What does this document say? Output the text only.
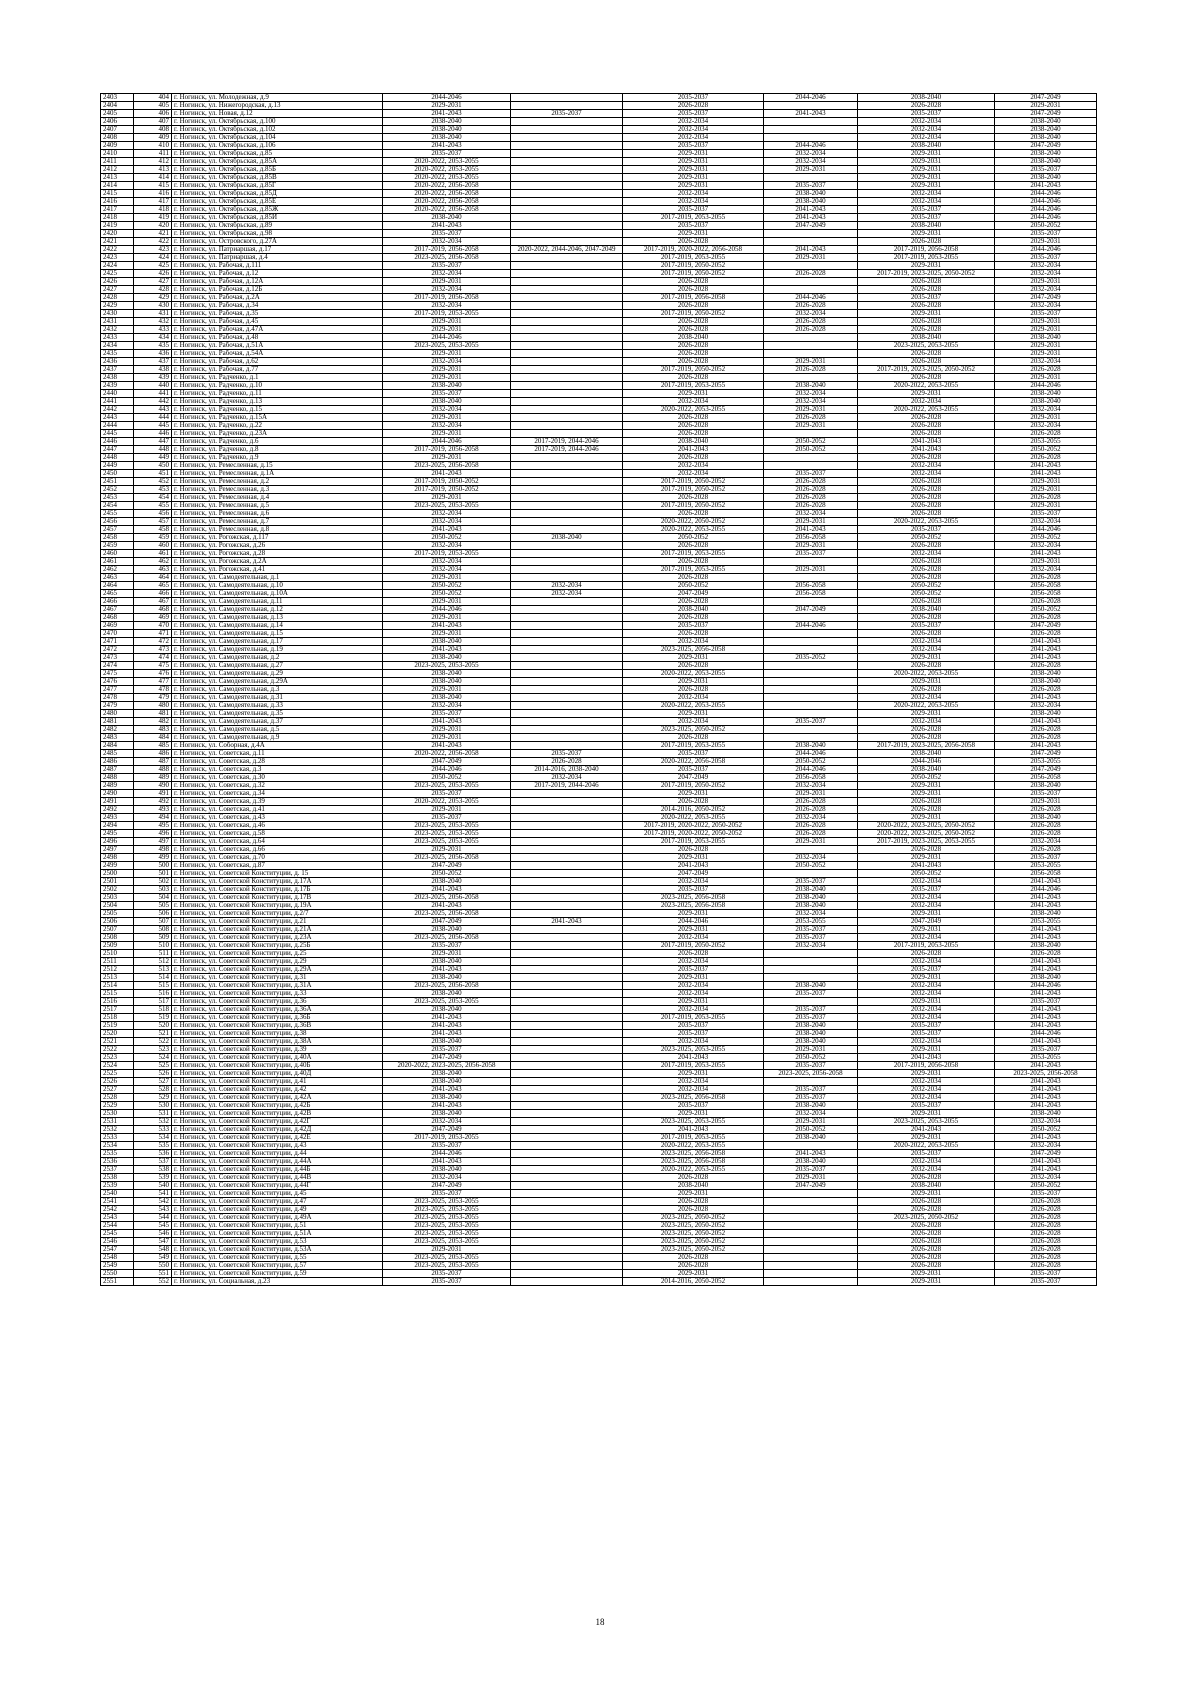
2403	404	г. Ногинск, ул. Молодежная, д.9	2044-2046		2035-2037	2044-2046	2038-2040	2047-2049
2404	405	г. Ногинск, ул. Нижегородская, д.13	2029-2031		2026-2028		2026-2028	2029-2031
2405	406	г. Ногинск, ул. Новая, д.12	2041-2043	2035-2037	2035-2037	2041-2043	2035-2037	2047-2049
2406	407	г. Ногинск, ул. Октябрьская, д.100	2038-2040		2032-2034		2032-2034	2038-2040
2407	408	г. Ногинск, ул. Октябрьская, д.102	2038-2040		2032-2034		2032-2034	2038-2040
2408	409	г. Ногинск, ул. Октябрьская, д.104	2038-2040		2032-2034		2032-2034	2038-2040
2409	410	г. Ногинск, ул. Октябрьская, д.106	2041-2043		2035-2037	2044-2046	2038-2040	2047-2049
2410	411	г. Ногинск, ул. Октябрьская, д.85	2035-2037		2029-2031	2032-2034	2029-2031	2038-2040
2411	412	г. Ногинск, ул. Октябрьская, д.85А	2020-2022, 2053-2055		2029-2031	2032-2034	2029-2031	2038-2040
2412	413	г. Ногинск, ул. Октябрьская, д.85Б	2020-2022, 2053-2055		2029-2031	2029-2031	2029-2031	2035-2037
2413	414	г. Ногинск, ул. Октябрьская, д.85В	2020-2022, 2053-2055		2029-2031		2029-2031	2038-2040
2414	415	г. Ногинск, ул. Октябрьская, д.85Г	2020-2022, 2056-2058		2029-2031	2035-2037	2029-2031	2041-2043
2415	416	г. Ногинск, ул. Октябрьская, д.85Д	2020-2022, 2056-2058		2032-2034	2038-2040	2032-2034	2044-2046
2416	417	г. Ногинск, ул. Октябрьская, д.85Е	2020-2022, 2056-2058		2032-2034	2038-2040	2032-2034	2044-2046
2417	418	г. Ногинск, ул. Октябрьская, д.85Ж	2020-2022, 2056-2058		2035-2037	2041-2043	2035-2037	2044-2046
2418	419	г. Ногинск, ул. Октябрьская, д.85И	2038-2040		2017-2019, 2053-2055	2041-2043	2035-2037	2044-2046
2419	420	г. Ногинск, ул. Октябрьская, д.89	2041-2043		2035-2037	2047-2049	2038-2040	2050-2052
2420	421	г. Ногинск, ул. Октябрьская, д.98	2035-2037		2029-2031		2029-2031	2035-2037
2421	422	г. Ногинск, ул. Островского, д.27А	2032-2034		2026-2028		2026-2028	2029-2031
2422	423	г. Ногинск, ул. Патриаршая, д.17	2017-2019, 2056-2058	2020-2022, 2044-2046, 2047-2049	2017-2019, 2020-2022, 2056-2058	2041-2043	2017-2019, 2056-2058	2044-2046
2423	424	г. Ногинск, ул. Патриаршая, д.4	2023-2025, 2056-2058		2017-2019, 2053-2055	2029-2031	2017-2019, 2053-2055	2035-2037
2424	425	г. Ногинск, ул. Рабочая, д.111	2035-2037		2017-2019, 2050-2052		2029-2031	2032-2034
2425	426	г. Ногинск, ул. Рабочая, д.12	2032-2034		2017-2019, 2050-2052	2026-2028	2017-2019, 2023-2025, 2050-2052	2032-2034
2426	427	г. Ногинск, ул. Рабочая, д.12А	2029-2031		2026-2028		2026-2028	2029-2031
2427	428	г. Ногинск, ул. Рабочая, д.12Б	2032-2034		2026-2028		2026-2028	2032-2034
2428	429	г. Ногинск, ул. Рабочая, д.2А	2017-2019, 2056-2058		2017-2019, 2056-2058	2044-2046	2035-2037	2047-2049
2429	430	г. Ногинск, ул. Рабочая, д.34	2032-2034		2026-2028	2026-2028	2026-2028	2032-2034
2430	431	г. Ногинск, ул. Рабочая, д.35	2017-2019, 2053-2055		2017-2019, 2050-2052	2032-2034	2029-2031	2035-2037
2431	432	г. Ногинск, ул. Рабочая, д.45	2029-2031		2026-2028	2026-2028	2026-2028	2029-2031
2432	433	г. Ногинск, ул. Рабочая, д.47А	2029-2031		2026-2028	2026-2028	2026-2028	2029-2031
2433	434	г. Ногинск, ул. Рабочая, д.48	2044-2046		2038-2040		2038-2040	2038-2040
2434	435	г. Ногинск, ул. Рабочая, д.51А	2023-2025, 2053-2055		2026-2028		2023-2025, 2053-2055	2029-2031
2435	436	г. Ногинск, ул. Рабочая, д.54А	2029-2031		2026-2028		2026-2028	2029-2031
2436	437	г. Ногинск, ул. Рабочая, д.62	2032-2034		2026-2028	2029-2031	2026-2028	2032-2034
2437	438	г. Ногинск, ул. Рабочая, д.77	2029-2031		2017-2019, 2050-2052	2026-2028	2017-2019, 2023-2025, 2050-2052	2026-2028
2438	439	г. Ногинск, ул. Радченко, д.1	2029-2031		2026-2028		2026-2028	2029-2031
2439	440	г. Ногинск, ул. Радченко, д.10	2038-2040		2017-2019, 2053-2055	2038-2040	2020-2022, 2053-2055	2044-2046
2440	441	г. Ногинск, ул. Радченко, д.11	2035-2037		2029-2031	2032-2034	2029-2031	2038-2040
2441	442	г. Ногинск, ул. Радченко, д.13	2038-2040		2032-2034	2032-2034	2032-2034	2038-2040
2442	443	г. Ногинск, ул. Радченко, д.15	2032-2034		2020-2022, 2053-2055	2029-2031	2020-2022, 2053-2055	2032-2034
2443	444	г. Ногинск, ул. Радченко, д.15А	2029-2031		2026-2028	2026-2028	2026-2028	2029-2031
2444	445	г. Ногинск, ул. Радченко, д.22	2032-2034		2026-2028	2029-2031	2026-2028	2032-2034
2445	446	г. Ногинск, ул. Радченко, д.23А	2029-2031		2026-2028		2026-2028	2026-2028
2446	447	г. Ногинск, ул. Радченко, д.6	2044-2046	2017-2019, 2044-2046	2038-2040	2050-2052	2041-2043	2053-2055
2447	448	г. Ногинск, ул. Радченко, д.8	2017-2019, 2056-2058	2017-2019, 2044-2046	2041-2043	2050-2052	2041-2043	2050-2052
2448	449	г. Ногинск, ул. Радченко, д.9	2029-2031		2026-2028		2026-2028	2026-2028
2449	450	г. Ногинск, ул. Ремесленная, д.15	2023-2025, 2056-2058		2032-2034		2032-2034	2041-2043
2450	451	г. Ногинск, ул. Ремесленная, д.1А	2041-2043		2032-2034	2035-2037	2032-2034	2041-2043
2451	452	г. Ногинск, ул. Ремесленная, д.2	2017-2019, 2050-2052		2017-2019, 2050-2052	2026-2028	2026-2028	2029-2031
2452	453	г. Ногинск, ул. Ремесленная, д.3	2017-2019, 2050-2052		2017-2019, 2050-2052	2026-2028	2026-2028	2029-2031
2453	454	г. Ногинск, ул. Ремесленная, д.4	2029-2031		2026-2028	2026-2028	2026-2028	2026-2028
2454	455	г. Ногинск, ул. Ремесленная, д.5	2023-2025, 2053-2055		2017-2019, 2050-2052	2026-2028	2026-2028	2029-2031
2455	456	г. Ногинск, ул. Ремесленная, д.6	2032-2034		2026-2028	2032-2034	2026-2028	2035-2037
2456	457	г. Ногинск, ул. Ремесленная, д.7	2032-2034		2020-2022, 2050-2052	2029-2031	2020-2022, 2053-2055	2032-2034
2457	458	г. Ногинск, ул. Ремесленная, д.8	2041-2043		2020-2022, 2053-2055	2041-2043	2035-2037	2044-2046
2458	459	г. Ногинск, ул. Рогожская, д.117	2050-2052	2038-2040	2050-2052	2056-2058	2050-2052	2059-2052
2459	460	г. Ногинск, ул. Рогожская, д.26	2032-2034		2026-2028	2029-2031	2026-2028	2032-2034
2460	461	г. Ногинск, ул. Рогожская, д.28	2017-2019, 2053-2055		2017-2019, 2053-2055	2035-2037	2032-2034	2041-2043
2461	462	г. Ногинск, ул. Рогожская, д.2А	2032-2034		2026-2028		2026-2028	2029-2031
2462	463	г. Ногинск, ул. Рогожская, д.41	2032-2034		2017-2019, 2053-2055	2029-2031	2026-2028	2032-2034
2463	464	г. Ногинск, ул. Самодеятельная, д.1	2029-2031		2026-2028		2026-2028	2026-2028
2464	465	г. Ногинск, ул. Самодеятельная, д.10	2050-2052	2032-2034	2050-2052	2056-2058	2050-2052	2056-2058
2465	466	г. Ногинск, ул. Самодеятельная, д.10А	2050-2052	2032-2034	2047-2049	2056-2058	2050-2052	2056-2058
2466	467	г. Ногинск, ул. Самодеятельная, д.11	2029-2031		2026-2028		2026-2028	2026-2028
2467	468	г. Ногинск, ул. Самодеятельная, д.12	2044-2046		2038-2040	2047-2049	2038-2040	2050-2052
2468	469	г. Ногинск, ул. Самодеятельная, д.13	2029-2031		2026-2028		2026-2028	2026-2028
2469	470	г. Ногинск, ул. Самодеятельная, д.14	2041-2043		2035-2037	2044-2046	2035-2037	2047-2049
2470	471	г. Ногинск, ул. Самодеятельная, д.15	2029-2031		2026-2028		2026-2028	2026-2028
2471	472	г. Ногинск, ул. Самодеятельная, д.17	2038-2040		2032-2034		2032-2034	2041-2043
2472	473	г. Ногинск, ул. Самодеятельная, д.19	2041-2043		2023-2025, 2056-2058		2032-2034	2041-2043
2473	474	г. Ногинск, ул. Самодеятельная, д.2	2038-2040		2029-2031	2035-2052	2029-2031	2041-2043
2474	475	г. Ногинск, ул. Самодеятельная, д.27	2023-2025, 2053-2055		2026-2028		2026-2028	2026-2028
2475	476	г. Ногинск, ул. Самодеятельная, д.29	2038-2040		2020-2022, 2053-2055		2020-2022, 2053-2055	2038-2040
2476	477	г. Ногинск, ул. Самодеятельная, д.29А	2038-2040		2029-2031		2029-2031	2038-2040
2477	478	г. Ногинск, ул. Самодеятельная, д.3	2029-2031		2026-2028		2026-2028	2026-2028
2478	479	г. Ногинск, ул. Самодеятельная, д.31	2038-2040		2032-2034		2032-2034	2041-2043
2479	480	г. Ногинск, ул. Самодеятельная, д.33	2032-2034		2020-2022, 2053-2055		2020-2022, 2053-2055	2032-2034
2480	481	г. Ногинск, ул. Самодеятельная, д.35	2035-2037		2029-2031		2029-2031	2038-2040
2481	482	г. Ногинск, ул. Самодеятельная, д.37	2041-2043		2032-2034	2035-2037	2032-2034	2041-2043
2482	483	г. Ногинск, ул. Самодеятельная, д.5	2029-2031		2023-2025, 2050-2052		2026-2028	2026-2028
2483	484	г. Ногинск, ул. Самодеятельная, д.9	2029-2031		2026-2028		2026-2028	2026-2028
2484	485	г. Ногинск, ул. Соборная, д.4А	2041-2043		2017-2019, 2053-2055	2038-2040	2017-2019, 2023-2025, 2056-2058	2041-2043
2485	486	г. Ногинск, ул. Советская, д.11	2020-2022, 2056-2058	2035-2037	2035-2037	2044-2046	2038-2040	2047-2049
2486	487	г. Ногинск, ул. Советская, д.28	2047-2049	2026-2028	2020-2022, 2056-2058	2050-2052	2044-2046	2053-2055
2487	488	г. Ногинск, ул. Советская, д.3	2044-2046	2014-2016, 2038-2040	2035-2037	2044-2046	2038-2040	2047-2049
2488	489	г. Ногинск, ул. Советская, д.30	2050-2052	2032-2034	2047-2049	2056-2058	2050-2052	2056-2058
2489	490	г. Ногинск, ул. Советская, д.32	2023-2025, 2053-2055	2017-2019, 2044-2046	2017-2019, 2050-2052	2032-2034	2029-2031	2038-2040
2490	491	г. Ногинск, ул. Советская, д.34	2035-2037		2029-2031	2029-2031	2029-2031	2035-2037
2491	492	г. Ногинск, ул. Советская, д.39	2020-2022, 2053-2055		2026-2028	2026-2028	2026-2028	2029-2031
2492	493	г. Ногинск, ул. Советская, д.41	2029-2031		2014-2016, 2050-2052	2026-2028	2026-2028	2026-2028
2493	494	г. Ногинск, ул. Советская, д.43	2035-2037		2020-2022, 2053-2055	2032-2034	2029-2031	2038-2040
2494	495	г. Ногинск, ул. Советская, д.46	2023-2025, 2053-2055		2017-2019, 2020-2022, 2050-2052	2026-2028	2020-2022, 2023-2025, 2050-2052	2026-2028
2495	496	г. Ногинск, ул. Советская, д.58	2023-2025, 2053-2055		2017-2019, 2020-2022, 2050-2052	2026-2028	2020-2022, 2023-2025, 2050-2052	2026-2028
2496	497	г. Ногинск, ул. Советская, д.64	2023-2025, 2053-2055		2017-2019, 2053-2055	2029-2031	2017-2019, 2023-2025, 2053-2055	2032-2034
2497	498	г. Ногинск, ул. Советская, д.66	2029-2031		2026-2028		2026-2028	2026-2028
2498	499	г. Ногинск, ул. Советская, д.70	2023-2025, 2056-2058		2029-2031	2032-2034	2029-2031	2035-2037
2499	500	г. Ногинск, ул. Советская, д.87	2047-2049		2041-2043	2050-2052	2041-2043	2053-2055
2500	501	г. Ногинск, ул. Советской Конституции, д. 15	2050-2052		2047-2049		2050-2052	2056-2058
2501	502	г. Ногинск, ул. Советской Конституции, д.17А	2038-2040		2032-2034	2035-2037	2032-2034	2041-2043
2502	503	г. Ногинск, ул. Советской Конституции, д.17Б	2041-2043		2035-2037	2038-2040	2035-2037	2044-2046
2503	504	г. Ногинск, ул. Советской Конституции, д.17В	2023-2025, 2056-2058		2023-2025, 2056-2058	2038-2040	2032-2034	2041-2043
2504	505	г. Ногинск, ул. Советской Конституции, д.19А	2041-2043		2023-2025, 2056-2058	2038-2040	2032-2034	2041-2043
2505	506	г. Ногинск, ул. Советской Конституции, д.2/7	2023-2025, 2056-2058		2029-2031	2032-2034	2029-2031	2038-2040
2506	507	г. Ногинск, ул. Советской Конституции, д.21	2047-2049	2041-2043	2044-2046	2053-2055	2047-2049	2053-2055
2507	508	г. Ногинск, ул. Советской Конституции, д.21А	2038-2040		2029-2031	2035-2037	2029-2031	2041-2043
2508	509	г. Ногинск, ул. Советской Конституции, д.23А	2023-2025, 2056-2058		2032-2034	2035-2037	2032-2034	2041-2043
2509	510	г. Ногинск, ул. Советской Конституции, д.25Б	2035-2037		2017-2019, 2050-2052	2032-2034	2017-2019, 2053-2055	2038-2040
2510	511	г. Ногинск, ул. Советской Конституции, д.25	2029-2031		2026-2028		2026-2028	2026-2028
2511	512	г. Ногинск, ул. Советской Конституции, д.29	2038-2040		2032-2034		2032-2034	2041-2043
2512	513	г. Ногинск, ул. Советской Конституции, д.29А	2041-2043		2035-2037		2035-2037	2041-2043
2513	514	г. Ногинск, ул. Советской Конституции, д.31	2038-2040		2029-2031		2029-2031	2038-2040
2514	515	г. Ногинск, ул. Советской Конституции, д.31А	2023-2025, 2056-2058		2032-2034	2038-2040	2032-2034	2044-2046
2515	516	г. Ногинск, ул. Советской Конституции, д.33	2038-2040		2032-2034	2035-2037	2032-2034	2041-2043
2516	517	г. Ногинск, ул. Советской Конституции, д.36	2023-2025, 2053-2055		2029-2031		2029-2031	2035-2037
2517	518	г. Ногинск, ул. Советской Конституции, д.36А	2038-2040		2032-2034	2035-2037	2032-2034	2041-2043
2518	519	г. Ногинск, ул. Советской Конституции, д.36Б	2041-2043		2017-2019, 2053-2055	2035-2037	2032-2034	2041-2043
2519	520	г. Ногинск, ул. Советской Конституции, д.36В	2041-2043		2035-2037	2038-2040	2035-2037	2041-2043
2520	521	г. Ногинск, ул. Советской Конституции, д.38	2041-2043		2035-2037	2038-2040	2035-2037	2044-2046
2521	522	г. Ногинск, ул. Советской Конституции, д.38А	2038-2040		2032-2034	2038-2040	2032-2034	2041-2043
2522	523	г. Ногинск, ул. Советской Конституции, д.39	2035-2037		2023-2025, 2053-2055	2029-2031	2029-2031	2035-2037
2523	524	г. Ногинск, ул. Советской Конституции, д.40А	2047-2049		2041-2043	2050-2052	2041-2043	2053-2055
2524	525	г. Ногинск, ул. Советской Конституции, д.40Б	2020-2022, 2023-2025, 2056-2058		2017-2019, 2053-2055	2035-2037	2017-2019, 2056-2058	2041-2043
2525	526	г. Ногинск, ул. Советской Конституции, д.40Д	2038-2040		2029-2031	2023-2025, 2056-2058	2029-2031	2023-2025, 2056-2058
2526	527	г. Ногинск, ул. Советской Конституции, д.41	2038-2040		2032-2034		2032-2034	2041-2043
2527	528	г. Ногинск, ул. Советской Конституции, д.42	2041-2043		2032-2034	2035-2037	2032-2034	2041-2043
2528	529	г. Ногинск, ул. Советской Конституции, д.42А	2038-2040		2023-2025, 2056-2058	2035-2037	2032-2034	2041-2043
2529	530	г. Ногинск, ул. Советской Конституции, д.42Б	2041-2043		2035-2037	2038-2040	2035-2037	2041-2043
2530	531	г. Ногинск, ул. Советской Конституции, д.42В	2038-2040		2029-2031	2032-2034	2029-2031	2038-2040
2531	532	г. Ногинск, ул. Советской Конституции, д.42Г	2032-2034		2023-2025, 2053-2055	2029-2031	2023-2025, 2053-2055	2032-2034
2532	533	г. Ногинск, ул. Советской Конституции, д.42Д	2047-2049		2041-2043	2050-2052	2041-2043	2050-2052
2533	534	г. Ногинск, ул. Советской Конституции, д.42Е	2017-2019, 2053-2055		2017-2019, 2053-2055	2038-2040	2029-2031	2041-2043
2534	535	г. Ногинск, ул. Советской Конституции, д.43	2035-2037		2020-2022, 2053-2055		2020-2022, 2053-2055	2032-2034
2535	536	г. Ногинск, ул. Советской Конституции, д.44	2044-2046		2023-2025, 2056-2058	2041-2043	2035-2037	2047-2049
2536	537	г. Ногинск, ул. Советской Конституции, д.44А	2041-2043		2023-2025, 2056-2058	2038-2040	2032-2034	2041-2043
2537	538	г. Ногинск, ул. Советской Конституции, д.44Б	2038-2040		2020-2022, 2053-2055	2035-2037	2032-2034	2041-2043
2538	539	г. Ногинск, ул. Советской Конституции, д.44В	2032-2034		2026-2028	2029-2031	2026-2028	2032-2034
2539	540	г. Ногинск, ул. Советской Конституции, д.44Г	2047-2049		2038-2040	2047-2049	2038-2040	2050-2052
2540	541	г. Ногинск, ул. Советской Конституции, д.45	2035-2037		2029-2031		2029-2031	2035-2037
2541	542	г. Ногинск, ул. Советской Конституции, д.47	2023-2025, 2053-2055		2026-2028		2026-2028	2026-2028
2542	543	г. Ногинск, ул. Советской Конституции, д.49	2023-2025, 2053-2055		2026-2028		2026-2028	2026-2028
2543	544	г. Ногинск, ул. Советской Конституции, д.49А	2023-2025, 2053-2055		2023-2025, 2050-2052		2023-2025, 2050-2052	2026-2028
2544	545	г. Ногинск, ул. Советской Конституции, д.51	2023-2025, 2053-2055		2023-2025, 2050-2052		2026-2028	2026-2028
2545	546	г. Ногинск, ул. Советской Конституции, д.51А	2023-2025, 2053-2055		2023-2025, 2050-2052		2026-2028	2026-2028
2546	547	г. Ногинск, ул. Советской Конституции, д.53	2023-2025, 2053-2055		2023-2025, 2050-2052		2026-2028	2026-2028
2547	548	г. Ногинск, ул. Советской Конституции, д.53А	2029-2031		2023-2025, 2050-2052		2026-2028	2026-2028
2548	549	г. Ногинск, ул. Советской Конституции, д.55	2023-2025, 2053-2055		2026-2028		2026-2028	2026-2028
2549	550	г. Ногинск, ул. Советской Конституции, д.57	2023-2025, 2053-2055		2026-2028		2026-2028	2026-2028
2550	551	г. Ногинск, ул. Советской Конституции, д.59	2035-2037		2029-2031		2029-2031	2035-2037
2551	552	г. Ногинск, ул. Социальная, д.23	2035-2037		2014-2016, 2050-2052		2029-2031	2035-2037
18
